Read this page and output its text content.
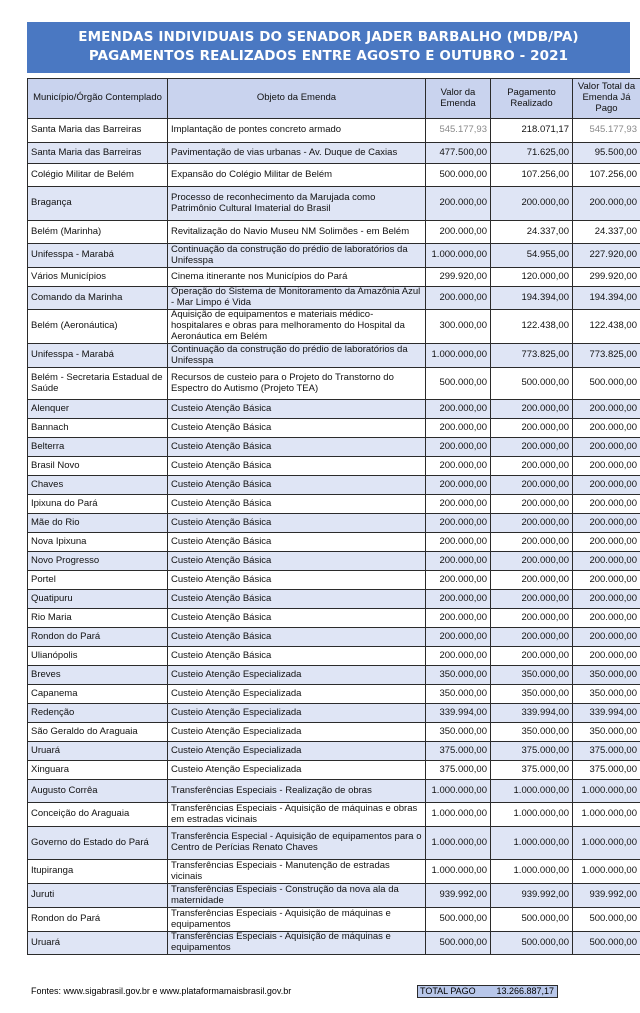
EMENDAS INDIVIDUAIS DO SENADOR JADER BARBALHO (MDB/PA)
PAGAMENTOS REALIZADOS ENTRE AGOSTO E OUTUBRO - 2021
Município/Órgão Contemplado	Objeto da Emenda	Valor da Emenda	Pagamento Realizado	Valor Total da Emenda Já Pago
Santa Maria das Barreiras	Implantação de pontes concreto armado	545.177,93	218.071,17	545.177,93
Santa Maria das Barreiras	Pavimentação de vias urbanas - Av. Duque de Caxias	477.500,00	71.625,00	95.500,00
Colégio Militar de Belém	Expansão do Colégio Militar de Belém	500.000,00	107.256,00	107.256,00
Bragança	Processo de reconhecimento da Marujada como Patrimônio Cultural Imaterial do Brasil	200.000,00	200.000,00	200.000,00
Belém (Marinha)	Revitalização do Navio Museu NM Solimões - em Belém	200.000,00	24.337,00	24.337,00
Unifesspa - Marabá	Continuação da construção do prédio de laboratórios da Unifesspa	1.000.000,00	54.955,00	227.920,00
Vários Municípios	Cinema itinerante nos Municípios do Pará	299.920,00	120.000,00	299.920,00
Comando da Marinha	Operação do Sistema de Monitoramento da Amazônia Azul - Mar Limpo é Vida	200.000,00	194.394,00	194.394,00
Belém (Aeronáutica)	Aquisição de equipamentos e materiais médico-hospitalares e obras para melhoramento do Hospital da Aeronáutica em Belém	300.000,00	122.438,00	122.438,00
Unifesspa - Marabá	Continuação da construção do prédio de laboratórios da Unifesspa	1.000.000,00	773.825,00	773.825,00
Belém - Secretaria Estadual de Saúde	Recursos de custeio para o Projeto do Transtorno do Espectro do Autismo (Projeto TEA)	500.000,00	500.000,00	500.000,00
Alenquer	Custeio Atenção Básica	200.000,00	200.000,00	200.000,00
Bannach	Custeio Atenção Básica	200.000,00	200.000,00	200.000,00
Belterra	Custeio Atenção Básica	200.000,00	200.000,00	200.000,00
Brasil Novo	Custeio Atenção Básica	200.000,00	200.000,00	200.000,00
Chaves	Custeio Atenção Básica	200.000,00	200.000,00	200.000,00
Ipixuna do Pará	Custeio Atenção Básica	200.000,00	200.000,00	200.000,00
Mãe do Rio	Custeio Atenção Básica	200.000,00	200.000,00	200.000,00
Nova Ipixuna	Custeio Atenção Básica	200.000,00	200.000,00	200.000,00
Novo Progresso	Custeio Atenção Básica	200.000,00	200.000,00	200.000,00
Portel	Custeio Atenção Básica	200.000,00	200.000,00	200.000,00
Quatipuru	Custeio Atenção Básica	200.000,00	200.000,00	200.000,00
Rio Maria	Custeio Atenção Básica	200.000,00	200.000,00	200.000,00
Rondon do Pará	Custeio Atenção Básica	200.000,00	200.000,00	200.000,00
Ulianópolis	Custeio Atenção Básica	200.000,00	200.000,00	200.000,00
Breves	Custeio Atenção Especializada	350.000,00	350.000,00	350.000,00
Capanema	Custeio Atenção Especializada	350.000,00	350.000,00	350.000,00
Redenção	Custeio Atenção Especializada	339.994,00	339.994,00	339.994,00
São Geraldo do Araguaia	Custeio Atenção Especializada	350.000,00	350.000,00	350.000,00
Uruará	Custeio Atenção Especializada	375.000,00	375.000,00	375.000,00
Xinguara	Custeio Atenção Especializada	375.000,00	375.000,00	375.000,00
Augusto Corrêa	Transferências Especiais - Realização de obras	1.000.000,00	1.000.000,00	1.000.000,00
Conceição do Araguaia	Transferências Especiais - Aquisição de máquinas e obras em estradas vicinais	1.000.000,00	1.000.000,00	1.000.000,00
Governo do Estado do Pará	Transferência Especial - Aquisição de equipamentos para o Centro de Perícias Renato Chaves	1.000.000,00	1.000.000,00	1.000.000,00
Itupiranga	Transferências Especiais - Manutenção de estradas vicinais	1.000.000,00	1.000.000,00	1.000.000,00
Juruti	Transferências Especiais - Construção da nova ala da maternidade	939.992,00	939.992,00	939.992,00
Rondon do Pará	Transferências Especiais - Aquisição de máquinas e equipamentos	500.000,00	500.000,00	500.000,00
Uruará	Transferências Especiais - Aquisição de máquinas e equipamentos	500.000,00	500.000,00	500.000,00
Fontes: www.sigabrasil.gov.br e www.plataformamaisbrasil.gov.br	TOTAL PAGO 13.266.887,17
